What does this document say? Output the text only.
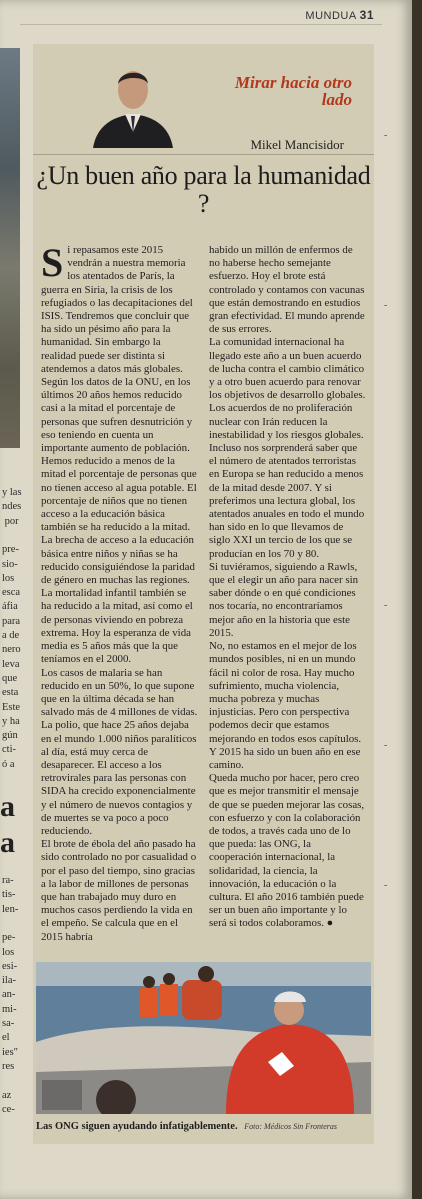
MUNDUA 31
y las
ndes
por
pre-
sio-
los
esca
áfia
para
a de
nero
leva
que
esta
Este
y ha
gún
cti-
ó a
ra-
tis-
len-
pe-
los
esi-
ila-
an-
mi-
sa-
el
ies"
res
az
ce-
a
a
Mirar hacia otro lado
Mikel Mancisidor
¿Un buen año para la humanidad ?

Si repasamos este 2015 vendrán a nuestra memoria los atentados de París, la guerra en Siria, la crisis de los refugiados o las decapitaciones del ISIS. Tendremos que concluir que ha sido un pésimo año para la humanidad. Sin embargo la realidad puede ser distinta si atendemos a datos más globales.

Según los datos de la ONU, en los últimos 20 años hemos reducido casi a la mitad el porcentaje de personas que sufren desnutrición y eso teniendo en cuenta un importante aumento de población. Hemos reducido a menos de la mitad el porcentaje de personas que no tienen acceso al agua potable. El porcentaje de niños que no tienen acceso a la educación básica también se ha reducido a la mitad. La brecha de acceso a la educación básica entre niños y niñas se ha reducido consiguiéndose la paridad de género en muchas las regiones. La mortalidad infantil también se ha reducido a la mitad, así como el de personas viviendo en pobreza extrema. Hoy la esperanza de vida media es 5 años más que la que teníamos en el 2000.

Los casos de malaria se han reducido en un 50%, lo que supone que en la última década se han salvado más de 4 millones de vidas. La polio, que hace 25 años dejaba en el mundo 1.000 niños paralíticos al día, está muy cerca de desaparecer. El acceso a los retrovirales para las personas con SIDA ha crecido exponencialmente y el número de nuevos contagios y de muertes se va poco a poco reduciendo.

El brote de ébola del año pasado ha sido controlado no por casualidad o por el paso del tiempo, sino gracias a la labor de millones de personas que han trabajado muy duro en muchos casos perdiendo la vida en el empeño. Se calcula que en el 2015 habría

habido un millón de enfermos de no haberse hecho semejante esfuerzo. Hoy el brote está controlado y contamos con vacunas que están demostrando en estudios gran efectividad. El mundo aprende de sus errores.

La comunidad internacional ha llegado este año a un buen acuerdo de lucha contra el cambio climático y a otro buen acuerdo para renovar los objetivos de desarrollo globales. Los acuerdos de no proliferación nuclear con Irán reducen la inestabilidad y los riesgos globales.

Incluso nos sorprenderá saber que el número de atentados terroristas en Europa se han reducido a menos de la mitad desde 2007. Y si preferimos una lectura global, los atentados anuales en todo el mundo han sido en lo que llevamos de siglo XXI un tercio de los que se producían en los 70 y 80.

Si tuviéramos, siguiendo a Rawls, que el elegir un año para nacer sin saber dónde o en qué condiciones nos tocaría, no encontraríamos mejor año en la historia que este 2015.

No, no estamos en el mejor de los mundos posibles, ni en un mundo fácil ni color de rosa. Hay mucho sufrimiento, mucha violencia, mucha pobreza y muchas injusticias. Pero con perspectiva podemos decir que estamos mejorando en todos esos capítulos. Y 2015 ha sido un buen año en ese camino.

Queda mucho por hacer, pero creo que es mejor transmitir el mensaje de que se pueden mejorar las cosas, con esfuerzo y con la colaboración de todos, a través cada uno de lo que pueda: las ONG, la cooperación internacional, la solidaridad, la ciencia, la innovación, la educación o la cultura. El año 2016 también puede ser un buen año importante y lo será si todos colaboramos. ●

Las ONG siguen ayudando infatigablemente. Foto: Médicos Sin Fronteras
‑
‑
‑
‑
‑
